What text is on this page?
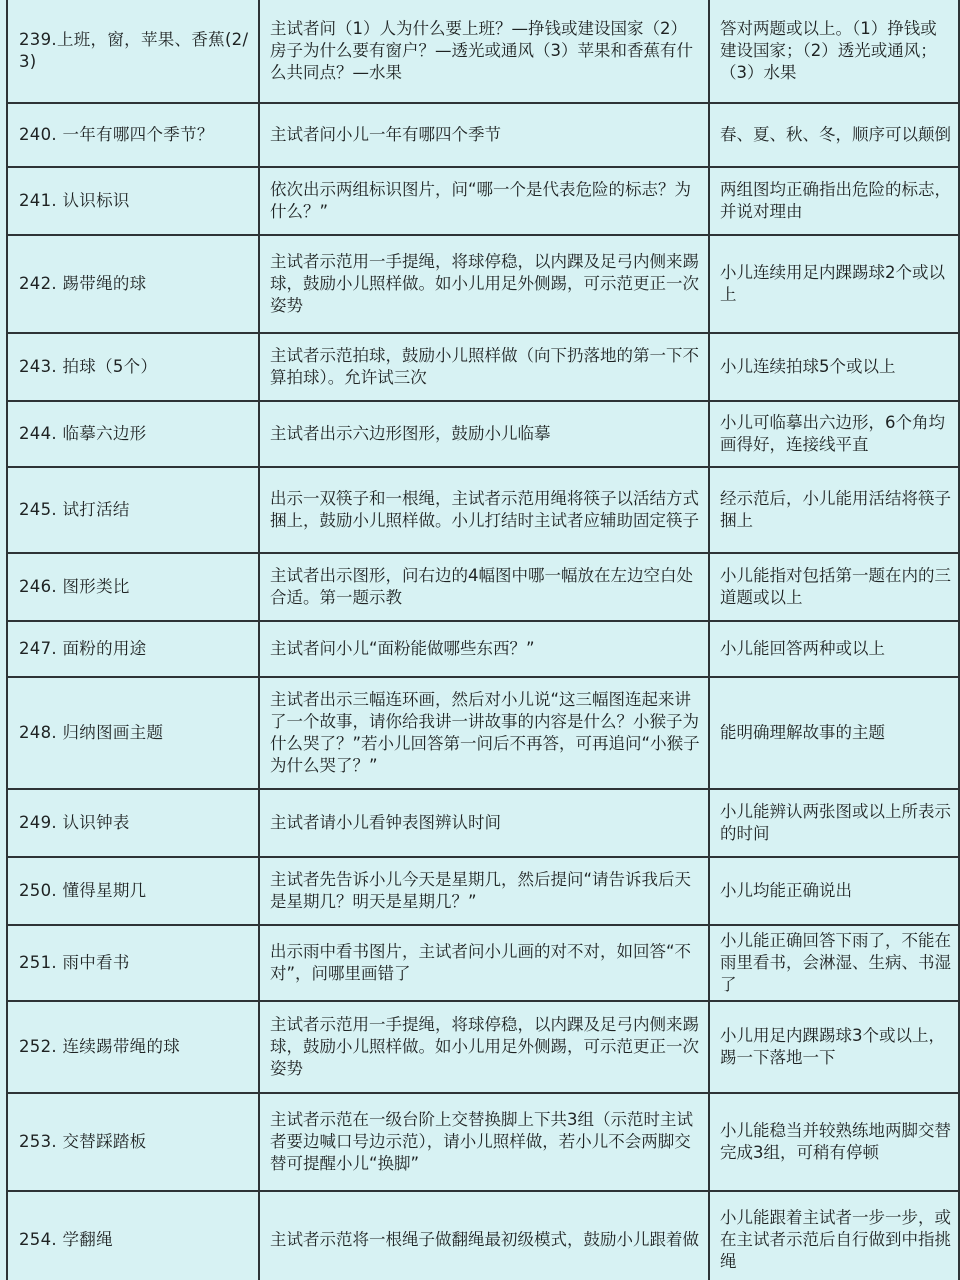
239.上班，窗，苹果、香蕉(2/3)	主试者问（1）人为什么要上班？—挣钱或建设国家（2）房子为什么要有窗户？—透光或通风（3）苹果和香蕉有什么共同点？—水果	答对两题或以上。（1）挣钱或建设国家；（2）透光或通风；（3）水果
240. 一年有哪四个季节？	主试者问小儿一年有哪四个季节	春、夏、秋、冬，顺序可以颠倒
241. 认识标识	依次出示两组标识图片，问“哪一个是代表危险的标志？为什么？”	两组图均正确指出危险的标志，并说对理由
242. 踢带绳的球	主试者示范用一手提绳，将球停稳，以内踝及足弓内侧来踢球，鼓励小儿照样做。如小儿用足外侧踢，可示范更正一次姿势	小儿连续用足内踝踢球2个或以上
243. 拍球（5个）	主试者示范拍球，鼓励小儿照样做（向下扔落地的第一下不算拍球）。允许试三次	小儿连续拍球5个或以上
244. 临摹六边形	主试者出示六边形图形，鼓励小儿临摹	小儿可临摹出六边形，6个角均画得好，连接线平直
245. 试打活结	出示一双筷子和一根绳，主试者示范用绳将筷子以活结方式捆上，鼓励小儿照样做。小儿打结时主试者应辅助固定筷子	经示范后，小儿能用活结将筷子捆上
246. 图形类比	主试者出示图形，问右边的4幅图中哪一幅放在左边空白处合适。第一题示教	小儿能指对包括第一题在内的三道题或以上
247. 面粉的用途	主试者问小儿“面粉能做哪些东西？”	小儿能回答两种或以上
248. 归纳图画主题	主试者出示三幅连环画，然后对小儿说“这三幅图连起来讲了一个故事，请你给我讲一讲故事的内容是什么？小猴子为什么哭了？”若小儿回答第一问后不再答，可再追问“小猴子为什么哭了？”	能明确理解故事的主题
249. 认识钟表	主试者请小儿看钟表图辨认时间	小儿能辨认两张图或以上所表示的时间
250. 懂得星期几	主试者先告诉小儿今天是星期几，然后提问“请告诉我后天是星期几？明天是星期几？”	小儿均能正确说出
251. 雨中看书	出示雨中看书图片，主试者问小儿画的对不对，如回答“不对”，问哪里画错了	小儿能正确回答下雨了，不能在雨里看书，会淋湿、生病、书湿了
252. 连续踢带绳的球	主试者示范用一手提绳，将球停稳，以内踝及足弓内侧来踢球，鼓励小儿照样做。如小儿用足外侧踢，可示范更正一次姿势	小儿用足内踝踢球3个或以上，踢一下落地一下
253. 交替踩踏板	主试者示范在一级台阶上交替换脚上下共3组（示范时主试者要边喊口号边示范），请小儿照样做，若小儿不会两脚交替可提醒小儿“换脚”	小儿能稳当并较熟练地两脚交替完成3组，可稍有停顿
254. 学翻绳	主试者示范将一根绳子做翻绳最初级模式，鼓励小儿跟着做	小儿能跟着主试者一步一步，或在主试者示范后自行做到中指挑绳
